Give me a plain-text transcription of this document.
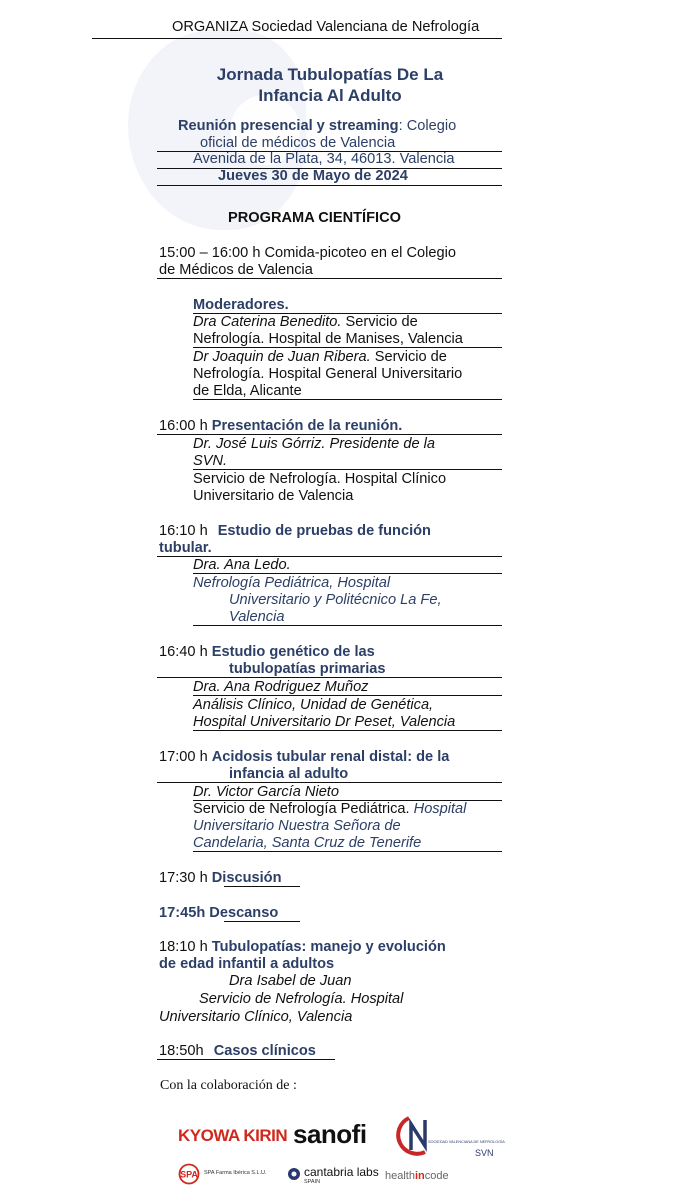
ORGANIZA Sociedad Valenciana de Nefrología
Jornada Tubulopatías De La
Infancia Al Adulto
Reunión presencial y streaming: Colegio
oficial de médicos de Valencia
Avenida de la Plata, 34, 46013. Valencia
Jueves 30 de Mayo de 2024
PROGRAMA CIENTÍFICO
15:00 – 16:00 h Comida-picoteo en el Colegio
de Médicos de Valencia
Moderadores.
Dra Caterina Benedito. Servicio de
Nefrología. Hospital de Manises, Valencia
Dr Joaquin de Juan Ribera. Servicio de
Nefrología. Hospital General Universitario
de Elda, Alicante
16:00 h Presentación de la reunión.
Dr. José Luis Górriz. Presidente de la
SVN.
Servicio de Nefrología. Hospital Clínico
Universitario de Valencia
16:10 h Estudio de pruebas de función
tubular.
Dra. Ana Ledo.
Nefrología Pediátrica, Hospital
Universitario y Politécnico La Fe,
Valencia
16:40 h Estudio genético de las
tubulopatías primarias
Dra. Ana Rodriguez Muñoz
Análisis Clínico, Unidad de Genética,
Hospital Universitario Dr Peset, Valencia
17:00 h Acidosis tubular renal distal: de la
infancia al adulto
Dr. Victor García Nieto
Servicio de Nefrología Pediátrica. Hospital
Universitario Nuestra Señora de
Candelaria, Santa Cruz de Tenerife
17:30 h Discusión
17:45h Descanso
18:10 h Tubulopatías: manejo y evolución
de edad infantil a adultos
Dra Isabel de Juan
Servicio de Nefrología. Hospital
Universitario Clínico, Valencia
18:50h Casos clínicos
Con la colaboración de :
KYOWA KIRIN sanofi	SOCIEDAD VALENCIANA DE NEFROLOGÍA
SVN
SPA SPA Farma Ibérica S.L.U.	cantabria labs
SPAIN	healthincode
